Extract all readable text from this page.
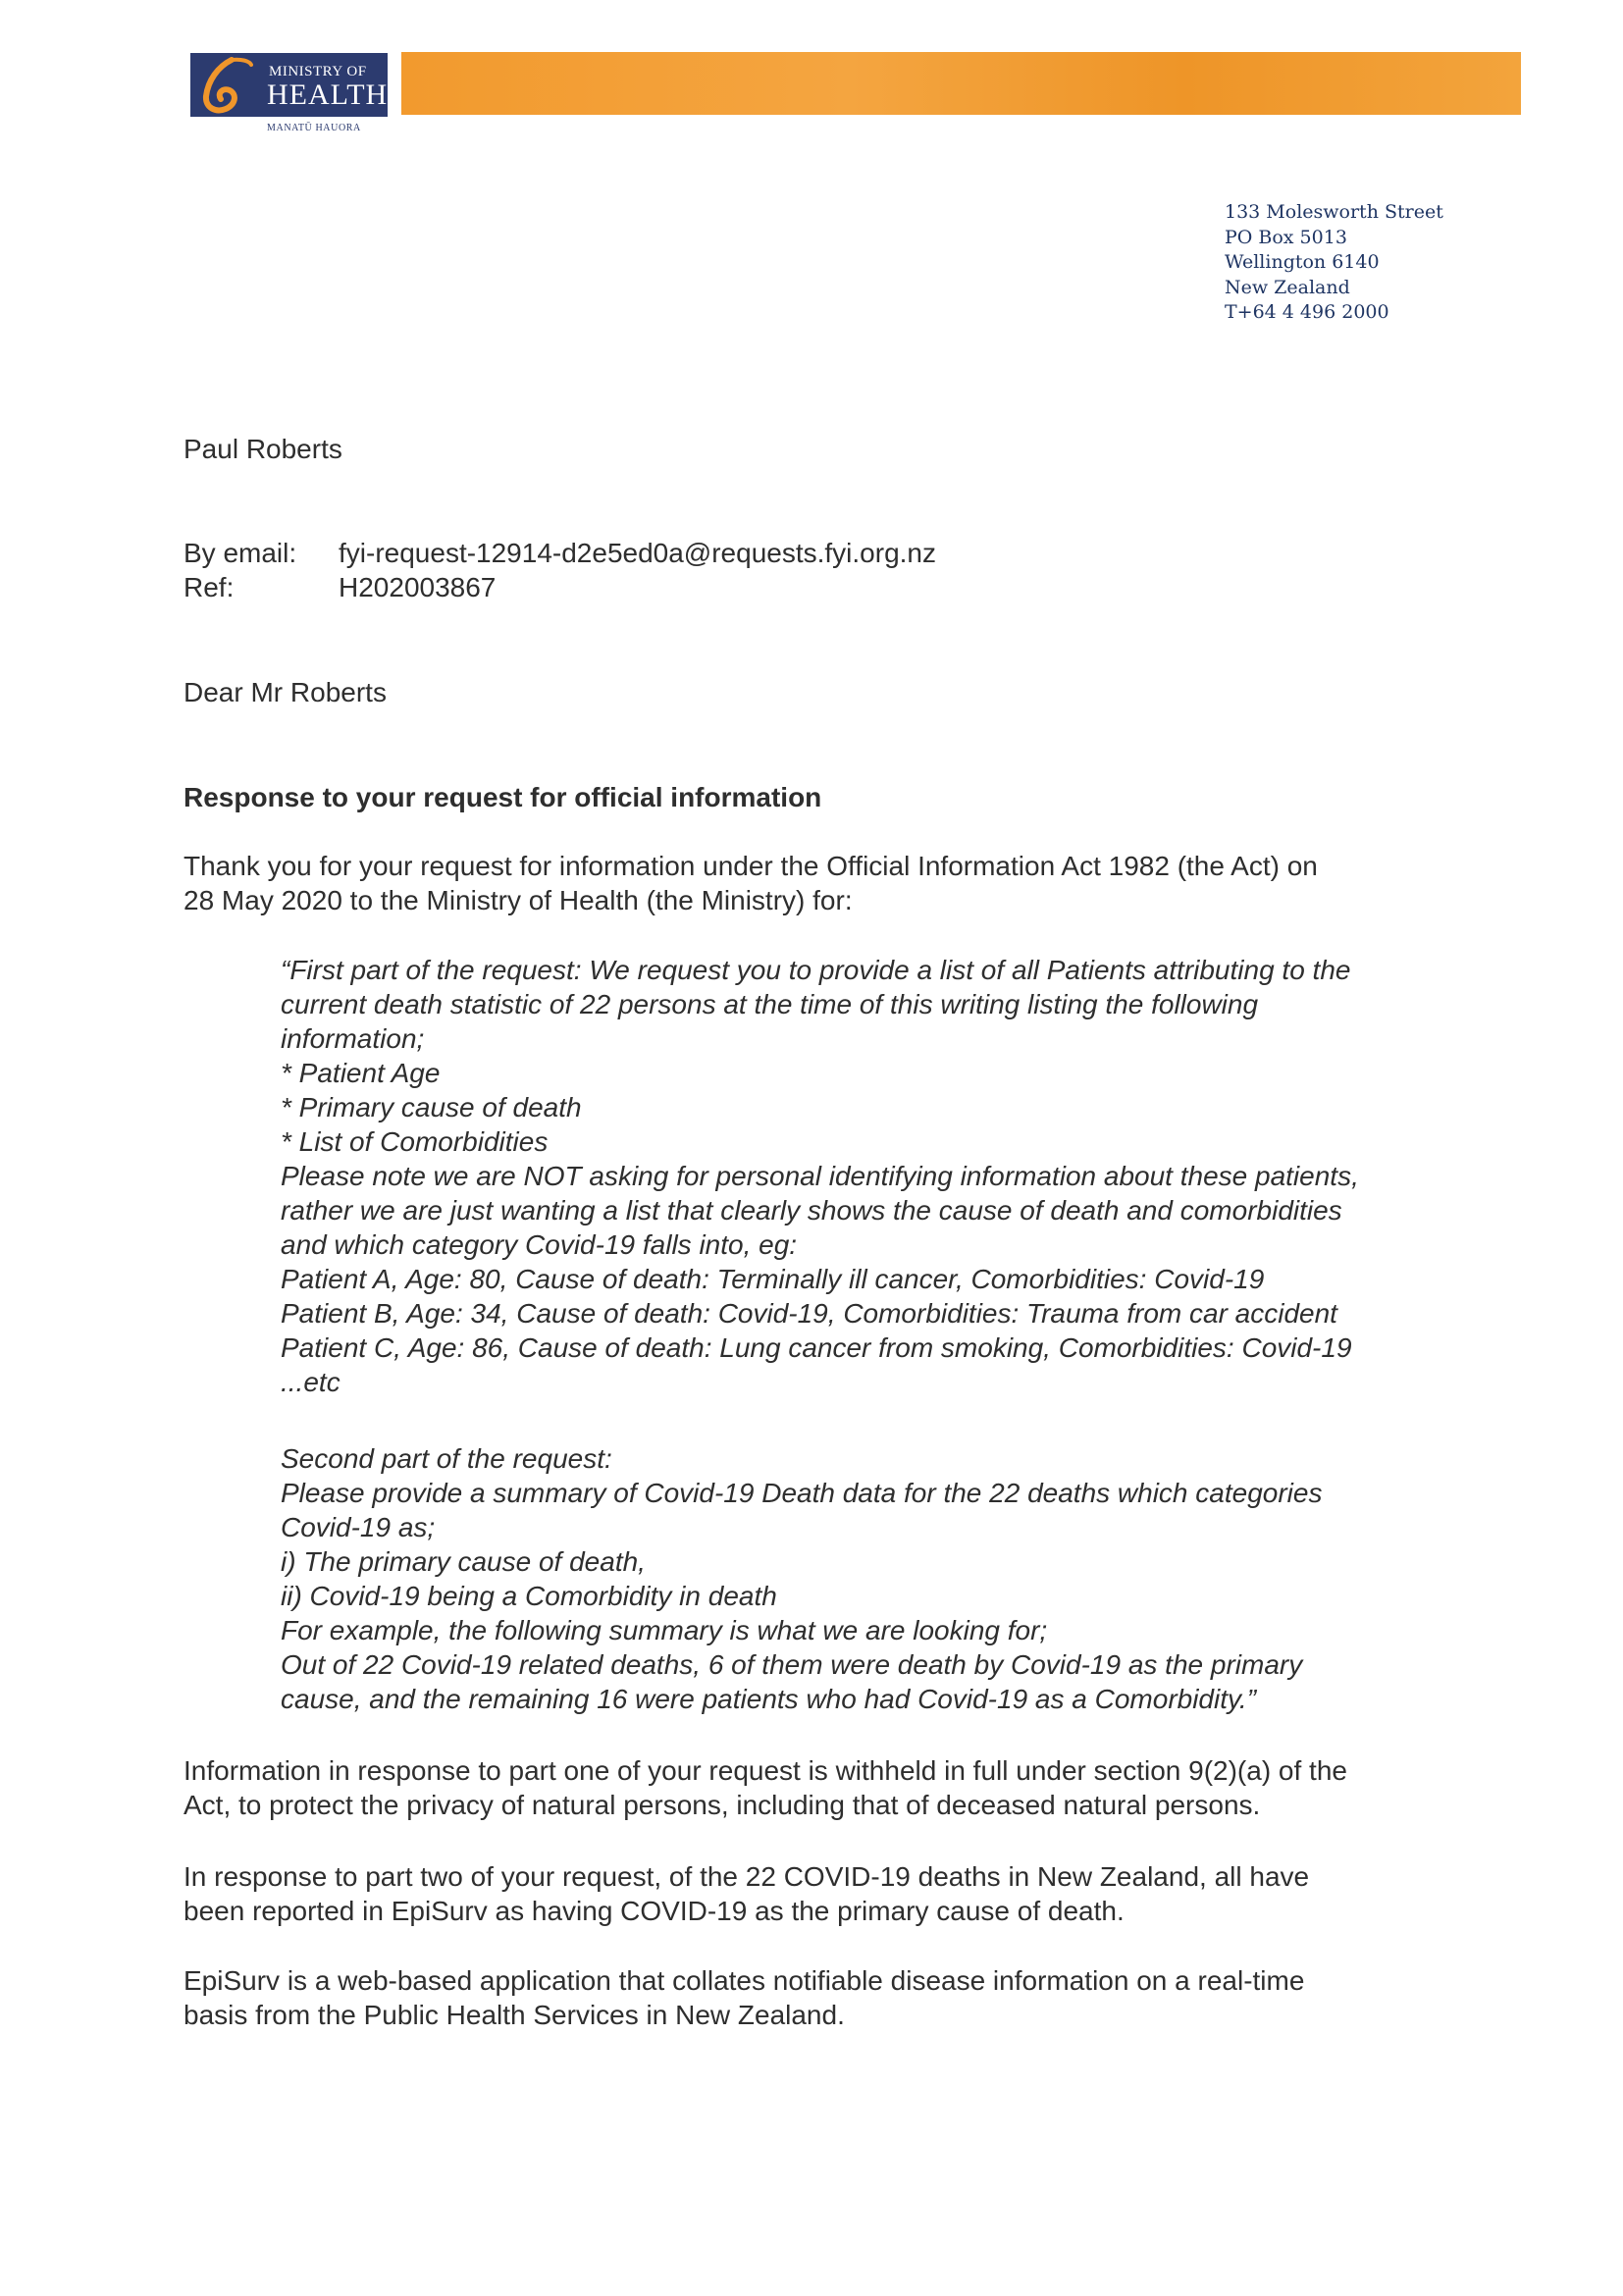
MINISTRY OF
HEALTH
MANATŪ HAUORA
133 Molesworth Street
PO Box 5013
Wellington 6140
New Zealand
T+64 4 496 2000
Paul Roberts
By email:	fyi-request-12914-d2e5ed0a@requests.fyi.org.nz
Ref:	H202003867
Dear Mr Roberts
Response to your request for official information
Thank you for your request for information under the Official Information Act 1982 (the Act) on
28 May 2020 to the Ministry of Health (the Ministry) for:
“First part of the request: We request you to provide a list of all Patients attributing to the
current death statistic of 22 persons at the time of this writing listing the following
information;
* Patient Age
* Primary cause of death
* List of Comorbidities
Please note we are NOT asking for personal identifying information about these patients,
rather we are just wanting a list that clearly shows the cause of death and comorbidities
and which category Covid-19 falls into, eg:
Patient A, Age: 80, Cause of death: Terminally ill cancer, Comorbidities: Covid-19
Patient B, Age: 34, Cause of death: Covid-19, Comorbidities: Trauma from car accident
Patient C, Age: 86, Cause of death: Lung cancer from smoking, Comorbidities: Covid-19
...etc
Second part of the request:
Please provide a summary of Covid-19 Death data for the 22 deaths which categories
Covid-19 as;
i) The primary cause of death,
ii) Covid-19 being a Comorbidity in death
For example, the following summary is what we are looking for;
Out of 22 Covid-19 related deaths, 6 of them were death by Covid-19 as the primary
cause, and the remaining 16 were patients who had Covid-19 as a Comorbidity.”
Information in response to part one of your request is withheld in full under section 9(2)(a) of the
Act, to protect the privacy of natural persons, including that of deceased natural persons.
In response to part two of your request, of the 22 COVID-19 deaths in New Zealand, all have
been reported in EpiSurv as having COVID-19 as the primary cause of death.
EpiSurv is a web-based application that collates notifiable disease information on a real-time
basis from the Public Health Services in New Zealand.
